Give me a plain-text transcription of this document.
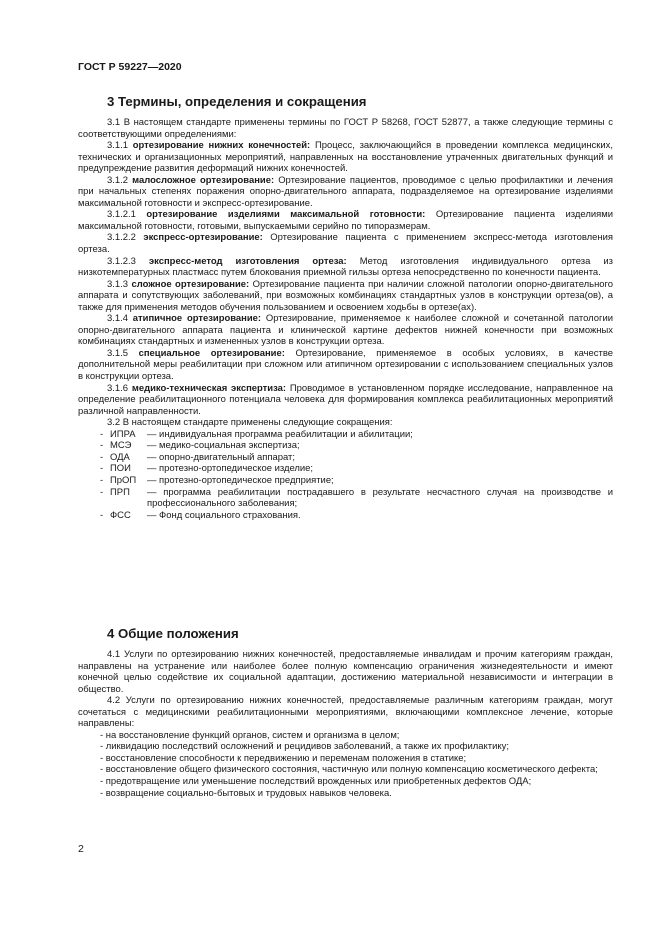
ГОСТ Р 59227—2020
3 Термины, определения и сокращения

3.1 В настоящем стандарте применены термины по ГОСТ Р 58268, ГОСТ 52877, а также следующие термины с соответствующими определениями:

3.1.1 ортезирование нижних конечностей: Процесс, заключающийся в проведении комплекса медицинских, технических и организационных мероприятий, направленных на восстановление утраченных двигательных функций и предупреждение развития деформаций нижних конечностей.

3.1.2 малосложное ортезирование: Ортезирование пациентов, проводимое с целью профилактики и лечения при начальных степенях поражения опорно-двигательного аппарата, подразделяемое на ортезирование изделиями максимальной готовности и экспресс-ортезирование.

3.1.2.1 ортезирование изделиями максимальной готовности: Ортезирование пациента изделиями максимальной готовности, готовыми, выпускаемыми серийно по типоразмерам.

3.1.2.2 экспресс-ортезирование: Ортезирование пациента с применением экспресс-метода изготовления ортеза.

3.1.2.3 экспресс-метод изготовления ортеза: Метод изготовления индивидуального ортеза из низкотемпературных пластмасс путем блокования приемной гильзы ортеза непосредственно по конечности пациента.

3.1.3 сложное ортезирование: Ортезирование пациента при наличии сложной патологии опорно-двигательного аппарата и сопутствующих заболеваний, при возможных комбинациях стандартных узлов в конструкции ортеза(ов), а также для применения методов обучения пользованием и освоением ходьбы в ортезе(ах).

3.1.4 атипичное ортезирование: Ортезирование, применяемое к наиболее сложной и сочетанной патологии опорно-двигательного аппарата пациента и клинической картине дефектов нижней конечности при возможных комбинациях стандартных и измененных узлов в конструкции ортеза.

3.1.5 специальное ортезирование: Ортезирование, применяемое в особых условиях, в качестве дополнительной меры реабилитации при сложном или атипичном ортезировании с использованием специальных узлов в конструкции ортеза.

3.1.6 медико-техническая экспертиза: Проводимое в установленном порядке исследование, направленное на определение реабилитационного потенциала человека для формирования комплекса реабилитационных мероприятий различной направленности.

3.2 В настоящем стандарте применены следующие сокращения:

- ИПРА	— индивидуальная программа реабилитации и абилитации;
- МСЭ	— медико-социальная экспертиза;
- ОДА	— опорно-двигательный аппарат;
- ПОИ	— протезно-ортопедическое изделие;
- ПрОП	— протезно-ортопедическое предприятие;
- ПРП	— программа реабилитации пострадавшего в результате несчастного случая на производстве и профессионального заболевания;
- ФСС	— Фонд социального страхования.
4 Общие положения

4.1 Услуги по ортезированию нижних конечностей, предоставляемые инвалидам и прочим категориям граждан, направлены на устранение или наиболее более полную компенсацию ограничения жизнедеятельности и имеют конечной целью содействие их социальной адаптации, достижению материальной независимости и интеграции в общество.

4.2 Услуги по ортезированию нижних конечностей, предоставляемые различным категориям граждан, могут сочетаться с медицинскими реабилитационными мероприятиями, включающими комплексное лечение, которые направлены:

- на восстановление функций органов, систем и организма в целом;

- ликвидацию последствий осложнений и рецидивов заболеваний, а также их профилактику;

- восстановление способности к передвижению и переменам положения в статике;

- восстановление общего физического состояния, частичную или полную компенсацию косметического дефекта;

- предотвращение или уменьшение последствий врожденных или приобретенных дефектов ОДА;

- возвращение социально-бытовых и трудовых навыков человека.

2
